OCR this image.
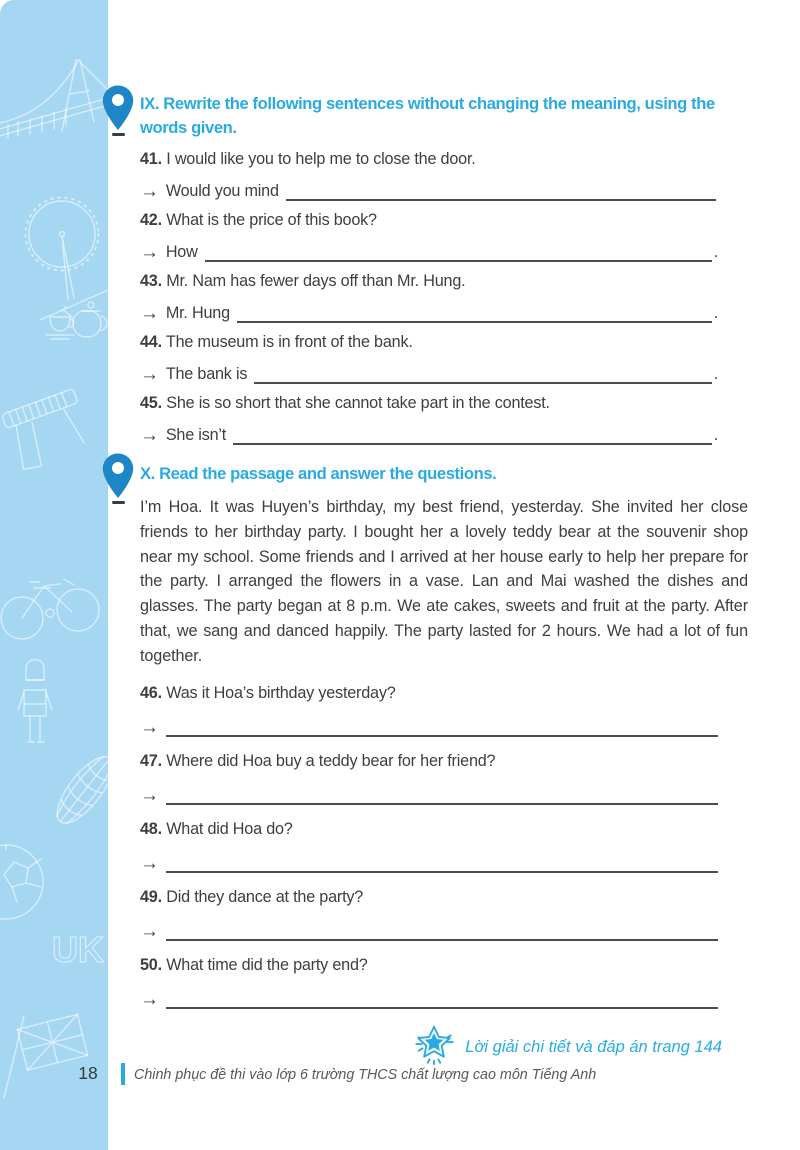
UK
IX. Rewrite the following sentences without changing the meaning, using the
words given.

41. I would like you to help me to close the door.

→ Would you mind

42. What is the price of this book?

→ How	.

43. Mr. Nam has fewer days off than Mr. Hung.

→ Mr. Hung	.

44. The museum is in front of the bank.

→ The bank is	.

45. She is so short that she cannot take part in the contest.

→ She isn’t	.
X. Read the passage and answer the questions.

I’m Hoa. It was Huyen’s birthday, my best friend, yesterday. She invited her close friends to her birthday party. I bought her a lovely teddy bear at the souvenir shop near my school. Some friends and I arrived at her house early to help her prepare for the party. I arranged the flowers in a vase. Lan and Mai washed the dishes and glasses. The party began at 8 p.m. We ate cakes, sweets and fruit at the party. After that, we sang and danced happily. The party lasted for 2 hours. We had a lot of fun together.

46. Was it Hoa’s birthday yesterday?

→

47. Where did Hoa buy a teddy bear for her friend?

→

48. What did Hoa do?

→

49. Did they dance at the party?

→

50. What time did the party end?

→
Lời giải chi tiết và đáp án trang 144
18	Chinh phục đề thi vào lớp 6 trường THCS chất lượng cao môn Tiếng Anh
